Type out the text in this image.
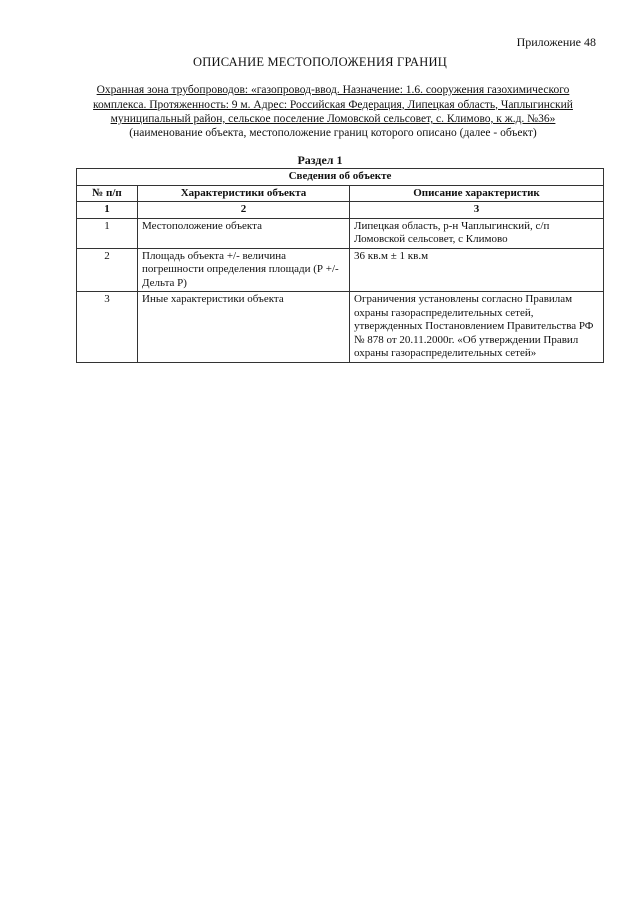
Приложение 48
ОПИСАНИЕ МЕСТОПОЛОЖЕНИЯ ГРАНИЦ
Охранная зона трубопроводов: «газопровод-ввод. Назначение: 1.6. сооружения газохимического
комплекса. Протяженность: 9 м. Адрес: Российская Федерация, Липецкая область, Чаплыгинский
муниципальный район, сельское поселение Ломовской сельсовет, с. Климово, к ж.д. №36»
(наименование объекта, местоположение границ которого описано (далее - объект)
Раздел 1
Сведения об объекте		
№ п/п	Характеристики объекта	Описание характеристик
1	2	3
1	Местоположение объекта	Липецкая область, р-н Чаплыгинский, с/п Ломовской сельсовет, с Климово
2	Площадь объекта +/- величина погрешности определения площади (Р +/- Дельта Р)	36 кв.м ± 1 кв.м
3	Иные характеристики объекта	Ограничения установлены согласно Правилам охраны газораспределительных сетей, утвержденных Постановлением Правительства РФ № 878 от 20.11.2000г. «Об утверждении Правил охраны газораспределительных сетей»
